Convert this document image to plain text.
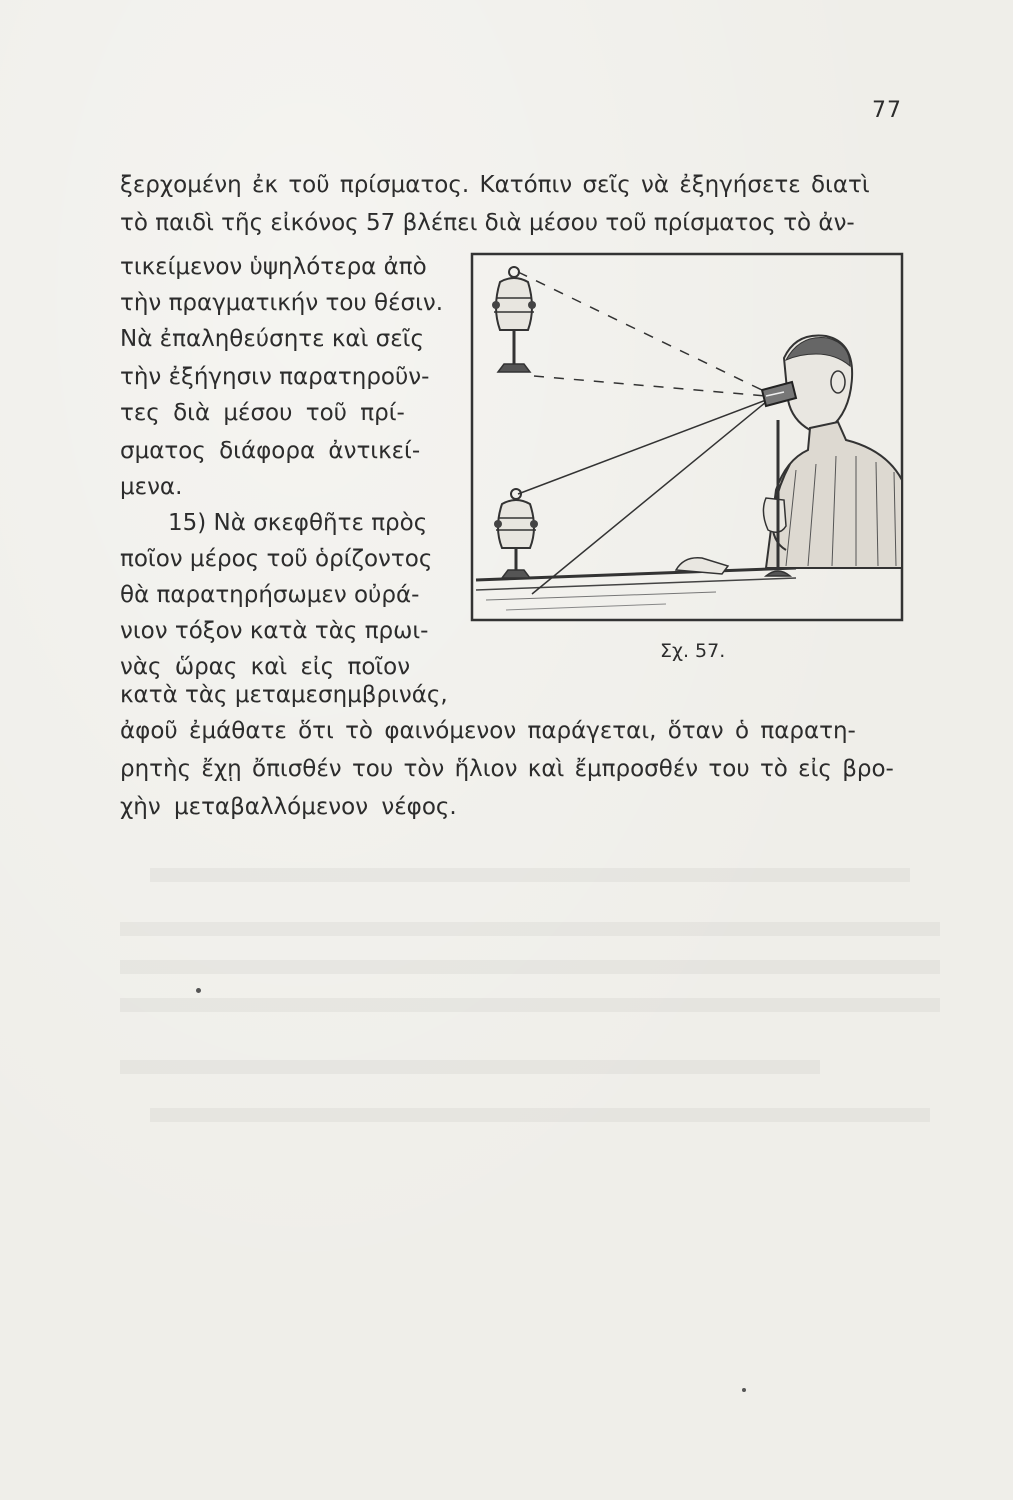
77
ξερχομένη ἐκ τοῦ πρίσματος. Κατόπιν σεῖς νὰ ἐξηγήσετε διατὶ
τὸ παιδὶ τῆς εἰκόνος 57 βλέπει διὰ μέσου τοῦ πρίσματος τὸ ἀν-
τικείμενον ὑψηλότερα ἀπὸ
τὴν πραγματικήν του θέσιν.
Νὰ ἐπαληθεύσητε καὶ σεῖς
τὴν ἐξήγησιν παρατηροῦν-
τες διὰ μέσου τοῦ πρί-
σματος διάφορα ἀντικεί-
μενα.
15) Νὰ σκεφθῆτε πρὸς
ποῖον μέρος τοῦ ὁρίζοντος
θὰ παρατηρήσωμεν οὐρά-
νιον τόξον κατὰ τὰς πρωι-
νὰς ὥρας καὶ εἰς ποῖον
κατὰ τὰς μεταμεσημβρινάς,
ἀφοῦ ἐμάθατε ὅτι τὸ φαινόμενον παράγεται, ὅταν ὁ παρατη-
ρητὴς ἔχῃ ὄπισθέν του τὸν ἥλιον καὶ ἔμπροσθέν του τὸ εἰς βρο-
χὴν μεταβαλλόμενον νέφος.
Σχ. 57.
